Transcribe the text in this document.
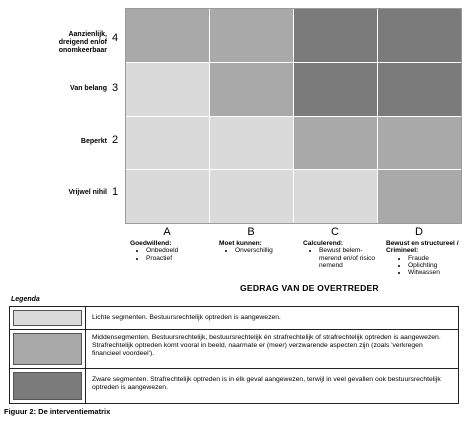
Aanzienlijk,
dreigend en/of
onomkeerbaar
4
Van belang 3
Beperkt 2
Vrijwel nihil 1
A	B	C	D
Goedwillend:
• Onbedoeld
• Proactief
Moet kunnen:
• Onverschillig
Calculerend:
• Bewust belem-merend en/of risico nemend
Bewust en structureel / Crimineel:
• Fraude
• Oplichting
• Witwassen
GEDRAG VAN DE OVERTREDER
Legenda
Lichte segmenten. Bestuursrechtelijk optreden is aangewezen.
Middensegmenten. Bestuursrechtelijk, bestuursrechtelijk én strafrechtelijk of strafrechtelijk optreden is aangewezen. Strafrechtelijk optreden komt vooral in beeld, naarmate er (meer) verzwarende aspecten zijn (zoals 'verkregen financieel voordeel').
Zware segmenten. Strafrechtelijk optreden is in elk geval aangewezen, terwijl in veel gevallen ook bestuursrechtelijk optreden is aangewezen.
Figuur 2: De interventiematrix
